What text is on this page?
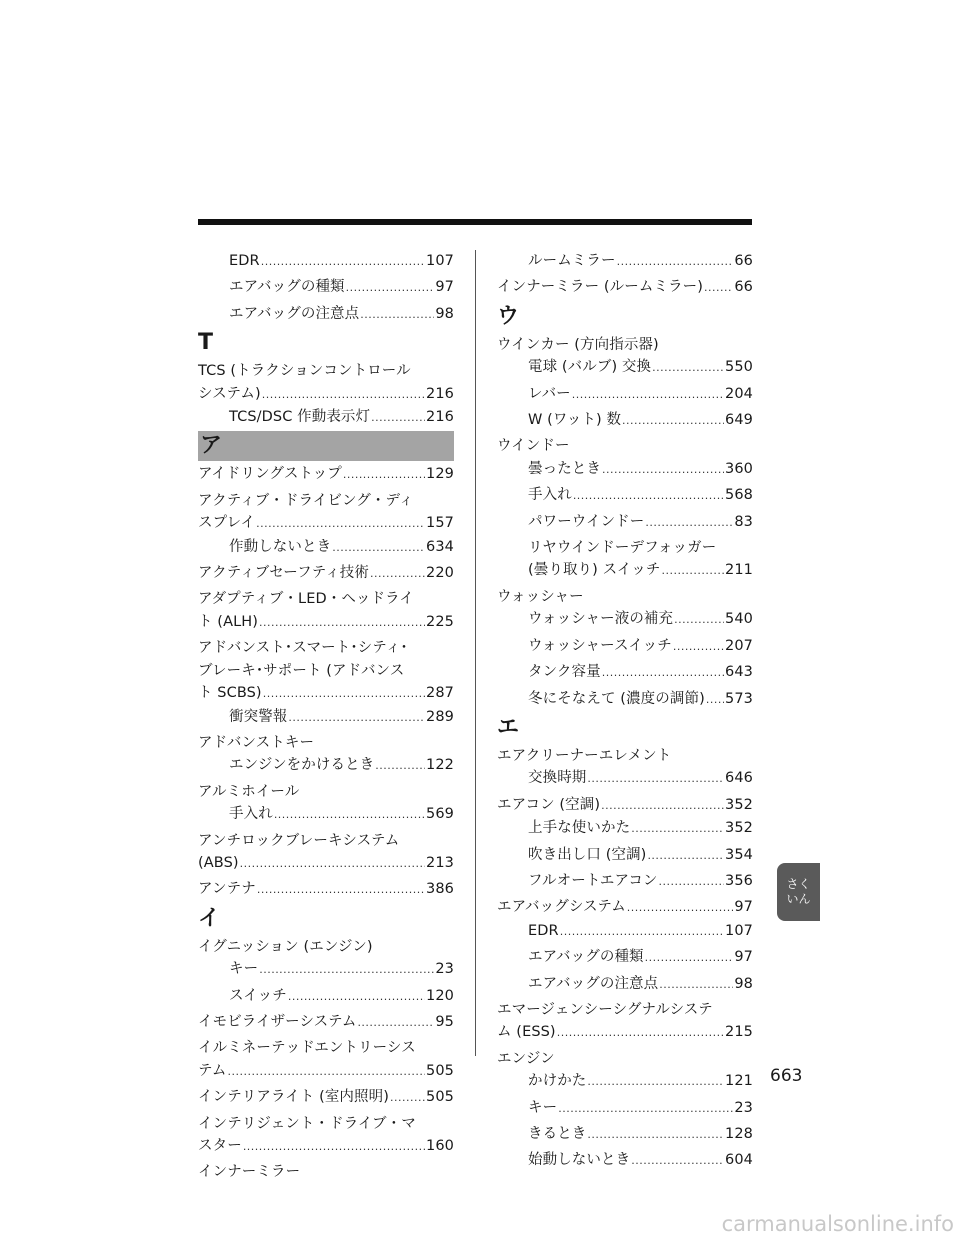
EDR .....	107
エアバッグの種類 .....	97
エアバッグの注意点 .....	98
T
TCS (トラクションコントロール
システム) .....	216
TCS/DSC 作動表示灯 .....	216
ア
アイドリングストップ .....	129
アクティブ・ドライビング・ディ
スプレイ .....	157
作動しないとき .....	634
アクティブセーフティ技術 .....	220
アダプティブ・LED・ヘッドライ
ト (ALH) .....	225
アドバンスト･スマート･シティ･
ブレーキ･サポート (アドバンス
ト SCBS) .....	287
衝突警報 .....	289
アドバンストキー
エンジンをかけるとき .....	122
アルミホイール
手入れ .....	569
アンチロックブレーキシステム
(ABS) .....	213
アンテナ .....	386
イ
イグニッション (エンジン)
キー .....	23
スイッチ .....	120
イモビライザーシステム .....	95
イルミネーテッドエントリーシス
テム .....	505
インテリアライト (室内照明) .....	505
インテリジェント・ドライブ・マ
スター .....	160
インナーミラー
ルームミラー .....	66
インナーミラー (ルームミラー) ..... 66
ウ
ウインカー (方向指示器)
電球 (バルブ) 交換 .....	550
レバー .....	204
W (ワット) 数 .....	649
ウインドー
曇ったとき .....	360
手入れ .....	568
パワーウインドー .....	83
リヤウインドーデフォッガー
(曇り取り) スイッチ .....	211
ウォッシャー
ウォッシャー液の補充 .....	540
ウォッシャースイッチ .....	207
タンク容量 .....	643
冬にそなえて (濃度の調節) ..... 573
エ
エアクリーナーエレメント
交換時期 .....	646
エアコン (空調) .....	352
上手な使いかた .....	352
吹き出し口 (空調) .....	354
フルオートエアコン .....	356
エアバッグシステム .....	97
EDR .....	107
エアバッグの種類 .....	97
エアバッグの注意点 .....	98
エマージェンシーシグナルシステ
ム (ESS) .....	215
エンジン
かけかた .....	121
キー .....	23
きるとき .....	128
始動しないとき .....	604
さく
いん
663
carmanualsonline.info
